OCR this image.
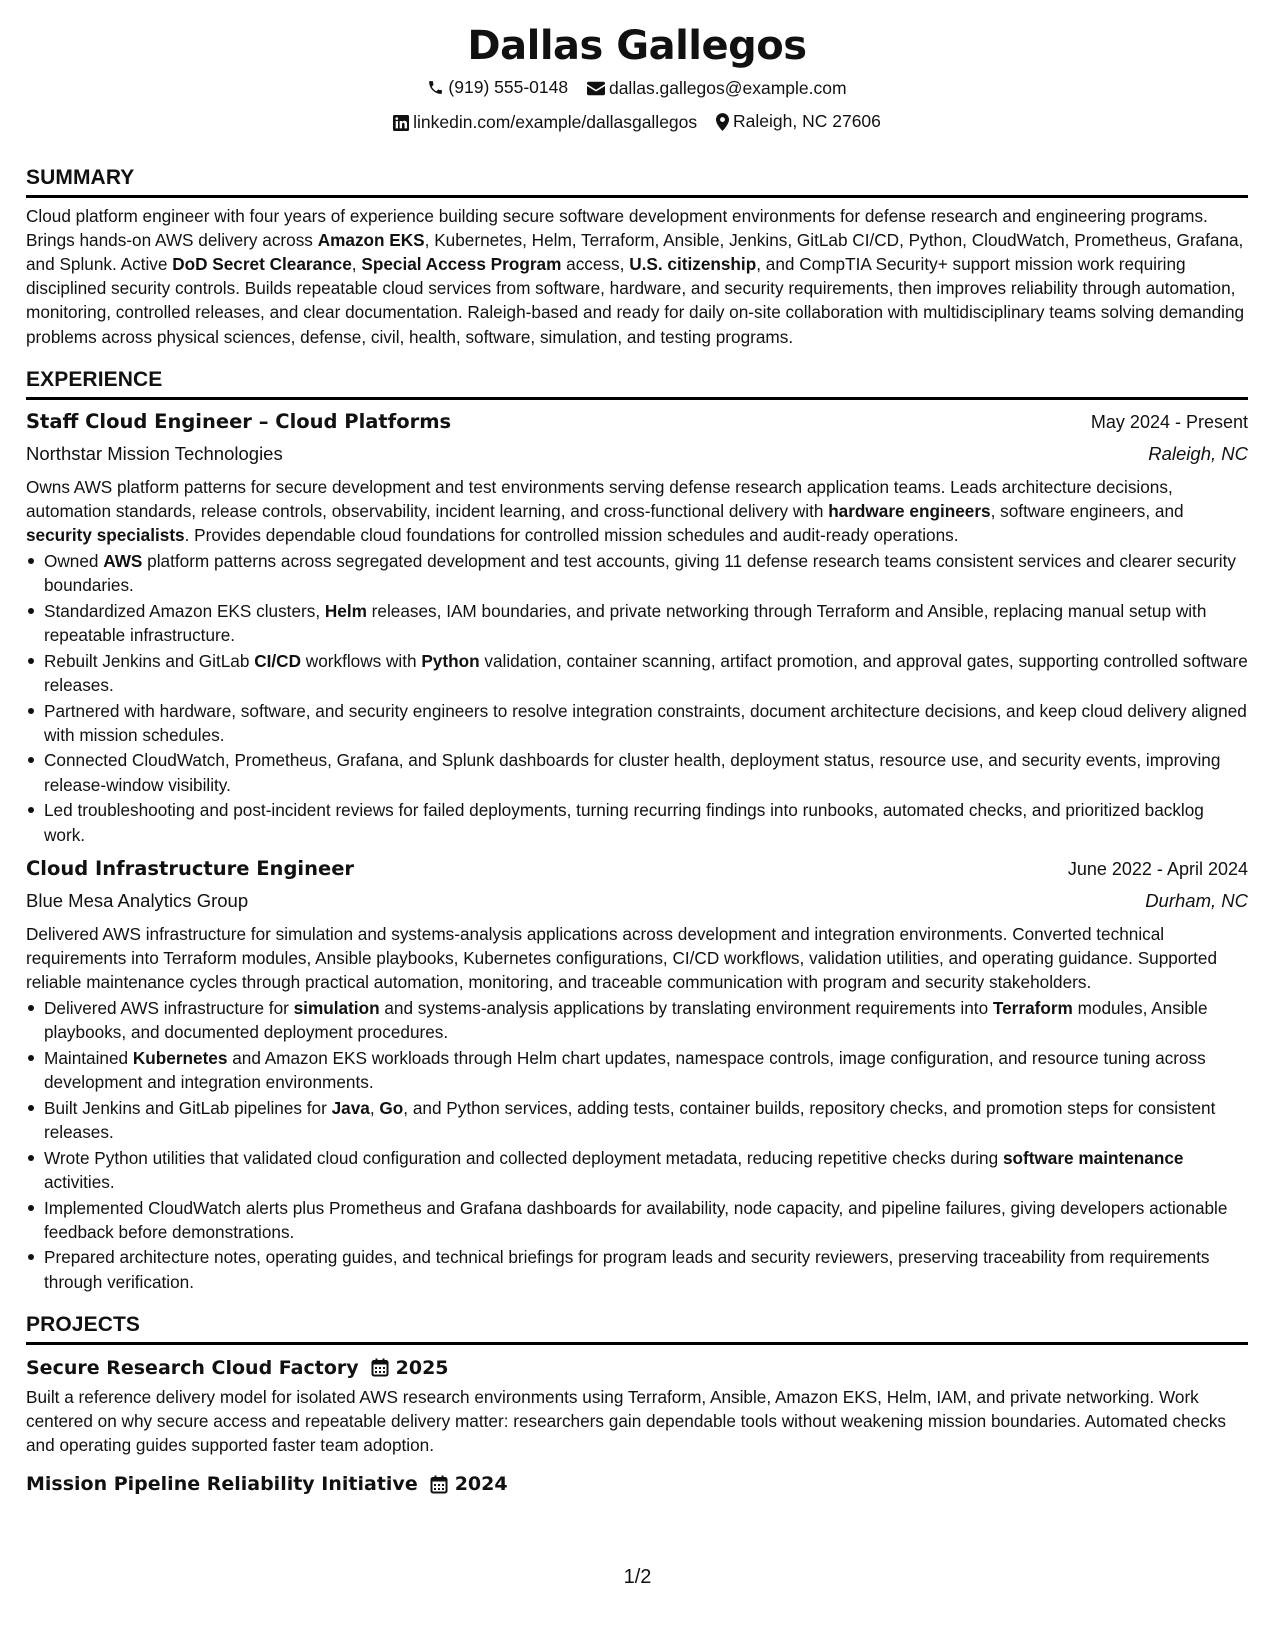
Dallas Gallegos
(919) 555-0148
dallas.gallegos@example.com
linkedin.com/example/dallasgallegos
Raleigh, NC 27606
SUMMARY

Cloud platform engineer with four years of experience building secure software development environments for defense research and engineering programs. Brings hands-on AWS delivery across Amazon EKS, Kubernetes, Helm, Terraform, Ansible, Jenkins, GitLab CI/CD, Python, CloudWatch, Prometheus, Grafana, and Splunk. Active DoD Secret Clearance, Special Access Program access, U.S. citizenship, and CompTIA Security+ support mission work requiring disciplined security controls. Builds repeatable cloud services from software, hardware, and security requirements, then improves reliability through automation, monitoring, controlled releases, and clear documentation. Raleigh-based and ready for daily on-site collaboration with multidisciplinary teams solving demanding problems across physical sciences, defense, civil, health, software, simulation, and testing programs.

EXPERIENCE
Staff Cloud Engineer – Cloud Platforms	May 2024 - Present
Northstar Mission Technologies	Raleigh, NC

Owns AWS platform patterns for secure development and test environments serving defense research application teams. Leads architecture decisions, automation standards, release controls, observability, incident learning, and cross-functional delivery with hardware engineers, software engineers, and security specialists. Provides dependable cloud foundations for controlled mission schedules and audit-ready operations.

Owned AWS platform patterns across segregated development and test accounts, giving 11 defense research teams consistent services and clearer security boundaries.
Standardized Amazon EKS clusters, Helm releases, IAM boundaries, and private networking through Terraform and Ansible, replacing manual setup with repeatable infrastructure.
Rebuilt Jenkins and GitLab CI/CD workflows with Python validation, container scanning, artifact promotion, and approval gates, supporting controlled software releases.
Partnered with hardware, software, and security engineers to resolve integration constraints, document architecture decisions, and keep cloud delivery aligned with mission schedules.
Connected CloudWatch, Prometheus, Grafana, and Splunk dashboards for cluster health, deployment status, resource use, and security events, improving release-window visibility.
Led troubleshooting and post-incident reviews for failed deployments, turning recurring findings into runbooks, automated checks, and prioritized backlog work.
Cloud Infrastructure Engineer	June 2022 - April 2024
Blue Mesa Analytics Group	Durham, NC

Delivered AWS infrastructure for simulation and systems-analysis applications across development and integration environments. Converted technical requirements into Terraform modules, Ansible playbooks, Kubernetes configurations, CI/CD workflows, validation utilities, and operating guidance. Supported reliable maintenance cycles through practical automation, monitoring, and traceable communication with program and security stakeholders.

Delivered AWS infrastructure for simulation and systems-analysis applications by translating environment requirements into Terraform modules, Ansible playbooks, and documented deployment procedures.
Maintained Kubernetes and Amazon EKS workloads through Helm chart updates, namespace controls, image configuration, and resource tuning across development and integration environments.
Built Jenkins and GitLab pipelines for Java, Go, and Python services, adding tests, container builds, repository checks, and promotion steps for consistent releases.
Wrote Python utilities that validated cloud configuration and collected deployment metadata, reducing repetitive checks during software maintenance activities.
Implemented CloudWatch alerts plus Prometheus and Grafana dashboards for availability, node capacity, and pipeline failures, giving developers actionable feedback before demonstrations.
Prepared architecture notes, operating guides, and technical briefings for program leads and security reviewers, preserving traceability from requirements through verification.
PROJECTS
Secure Research Cloud Factory 2025

Built a reference delivery model for isolated AWS research environments using Terraform, Ansible, Amazon EKS, Helm, IAM, and private networking. Work centered on why secure access and repeatable delivery matter: researchers gain dependable tools without weakening mission boundaries. Automated checks and operating guides supported faster team adoption.

Mission Pipeline Reliability Initiative 2024
1/2
